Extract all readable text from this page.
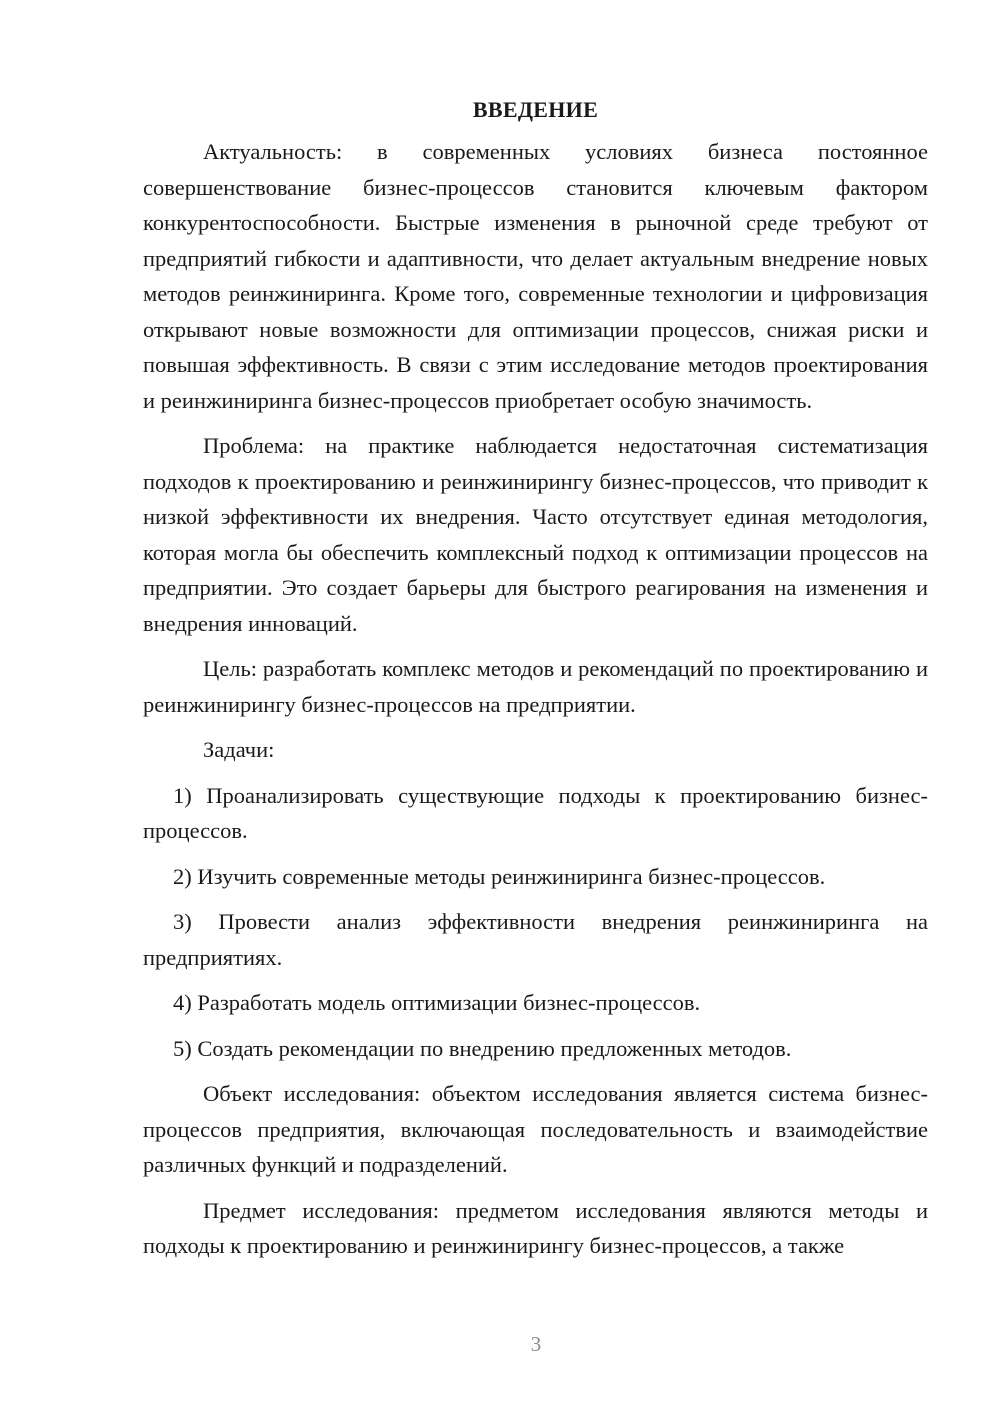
ВВЕДЕНИЕ

Актуальность: в современных условиях бизнеса постоянное совершенствование бизнес-процессов становится ключевым фактором конкурентоспособности. Быстрые изменения в рыночной среде требуют от предприятий гибкости и адаптивности, что делает актуальным внедрение новых методов реинжиниринга. Кроме того, современные технологии и цифровизация открывают новые возможности для оптимизации процессов, снижая риски и повышая эффективность. В связи с этим исследование методов проектирования и реинжиниринга бизнес-процессов приобретает особую значимость.

Проблема: на практике наблюдается недостаточная систематизация подходов к проектированию и реинжинирингу бизнес-процессов, что приводит к низкой эффективности их внедрения. Часто отсутствует единая методология, которая могла бы обеспечить комплексный подход к оптимизации процессов на предприятии. Это создает барьеры для быстрого реагирования на изменения и внедрения инноваций.

Цель: разработать комплекс методов и рекомендаций по проектированию и реинжинирингу бизнес-процессов на предприятии.

Задачи:

1) Проанализировать существующие подходы к проектированию бизнес-процессов.

2) Изучить современные методы реинжиниринга бизнес-процессов.

3) Провести анализ эффективности внедрения реинжиниринга на предприятиях.

4) Разработать модель оптимизации бизнес-процессов.

5) Создать рекомендации по внедрению предложенных методов.

Объект исследования: объектом исследования является система бизнес-процессов предприятия, включающая последовательность и взаимодействие различных функций и подразделений.

Предмет исследования: предметом исследования являются методы и подходы к проектированию и реинжинирингу бизнес-процессов, а также

3
